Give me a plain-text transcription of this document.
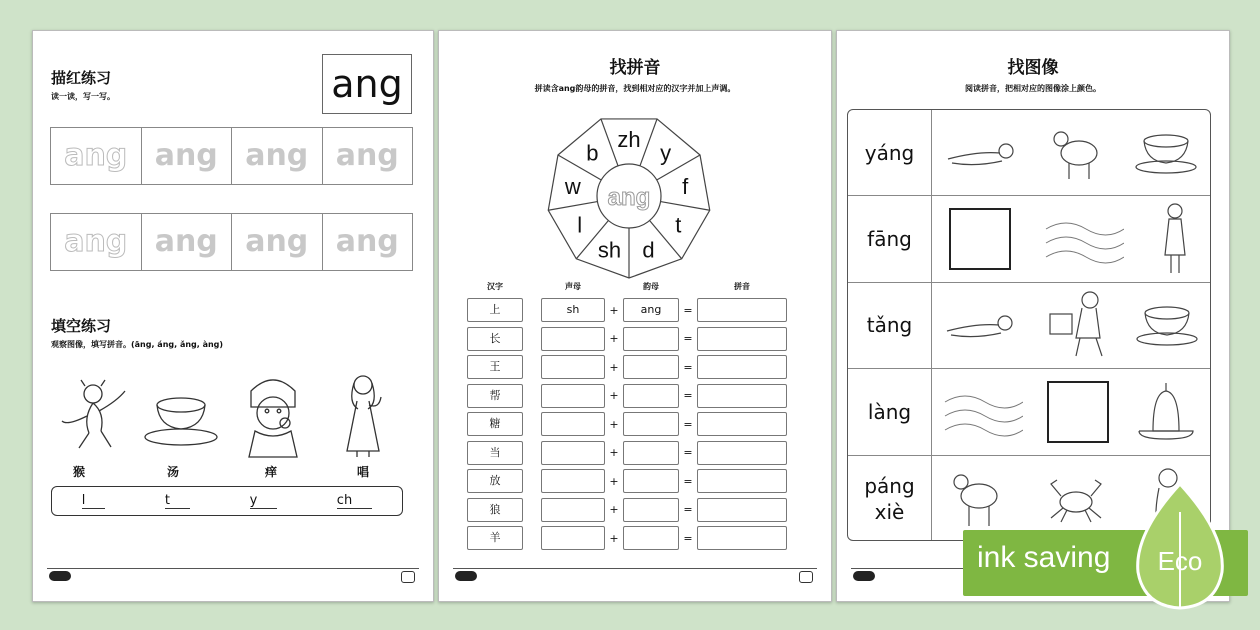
描红练习
读一读，写一写。	ang
ang ang ang ang
ang ang ang ang
填空练习
观察图像，填写拼音。(āng, áng, ǎng, àng)
猴	汤	痒	唱
l	t	y	ch
找拼音
拼读含ang韵母的拼音，找到相对应的汉字并加上声调。
zh
y
f
t
d
sh
l
w
b
ang
汉字	声母	韵母	拼音
上	sh	+	ang	=
长	+	=
王	+	=
帮	+	=
糖	+	=
当	+	=
放	+	=
狼	+	=
羊	+	=
找图像
阅读拼音，把相对应的图像涂上颜色。
yáng
fāng
tǎng
làng
páng xiè
ink saving Eco
